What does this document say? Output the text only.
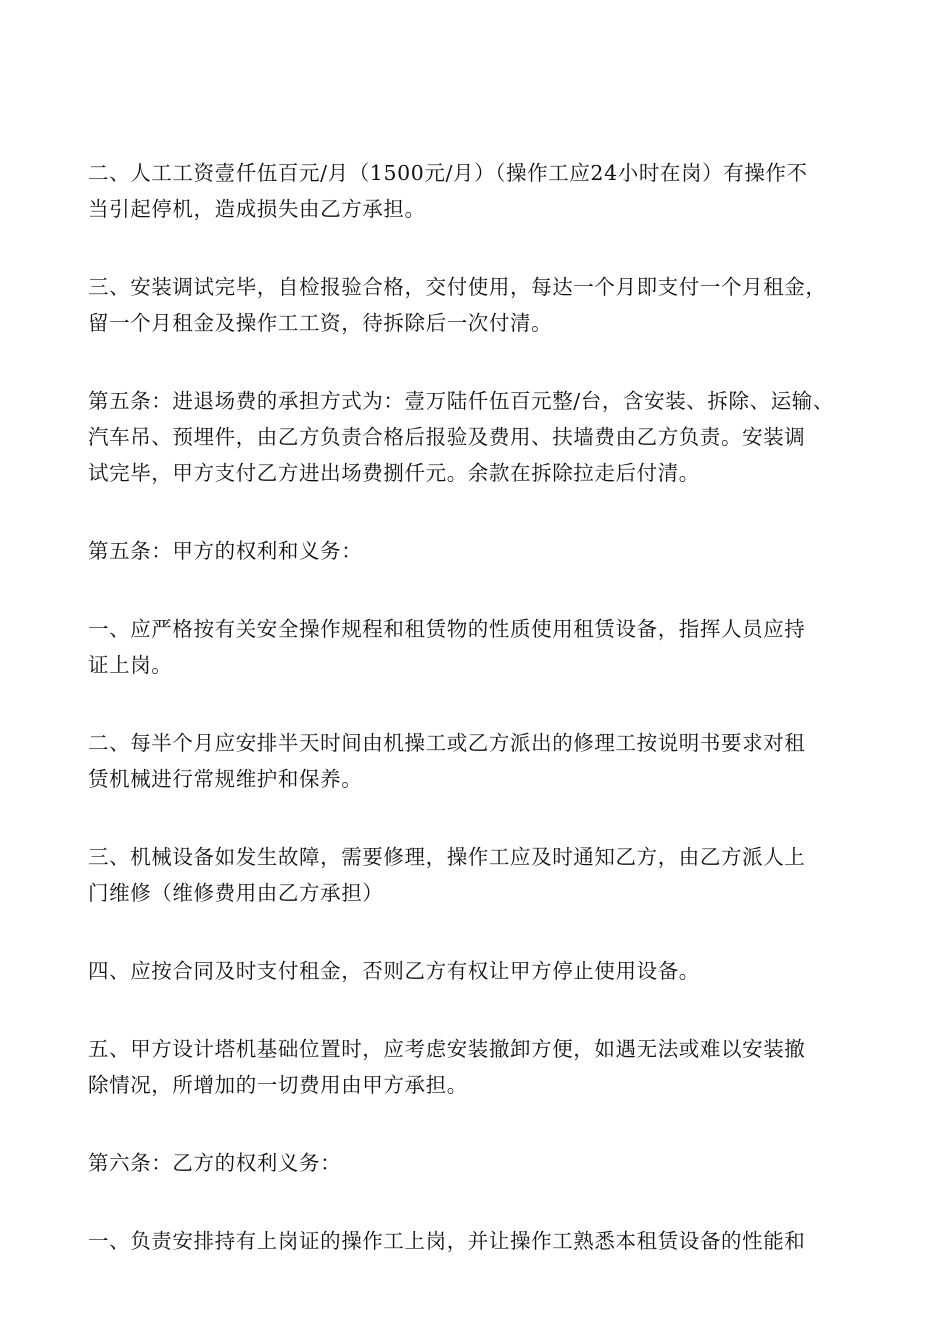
二、人工工资壹仟伍百元/月（1500元/月）（操作工应24小时在岗）有操作不
当引起停机，造成损失由乙方承担。

三、安装调试完毕，自检报验合格，交付使用，每达一个月即支付一个月租金，
留一个月租金及操作工工资，待拆除后一次付清。

第五条：进退场费的承担方式为：壹万陆仟伍百元整/台，含安装、拆除、运输、
汽车吊、预埋件，由乙方负责合格后报验及费用、扶墙费由乙方负责。安装调
试完毕，甲方支付乙方进出场费捌仟元。余款在拆除拉走后付清。

第五条：甲方的权利和义务：

一、应严格按有关安全操作规程和租赁物的性质使用租赁设备，指挥人员应持
证上岗。

二、每半个月应安排半天时间由机操工或乙方派出的修理工按说明书要求对租
赁机械进行常规维护和保养。

三、机械设备如发生故障，需要修理，操作工应及时通知乙方，由乙方派人上
门维修（维修费用由乙方承担）

四、应按合同及时支付租金，否则乙方有权让甲方停止使用设备。

五、甲方设计塔机基础位置时，应考虑安装撤卸方便，如遇无法或难以安装撤
除情况，所增加的一切费用由甲方承担。

第六条：乙方的权利义务：

一、负责安排持有上岗证的操作工上岗，并让操作工熟悉本租赁设备的性能和
